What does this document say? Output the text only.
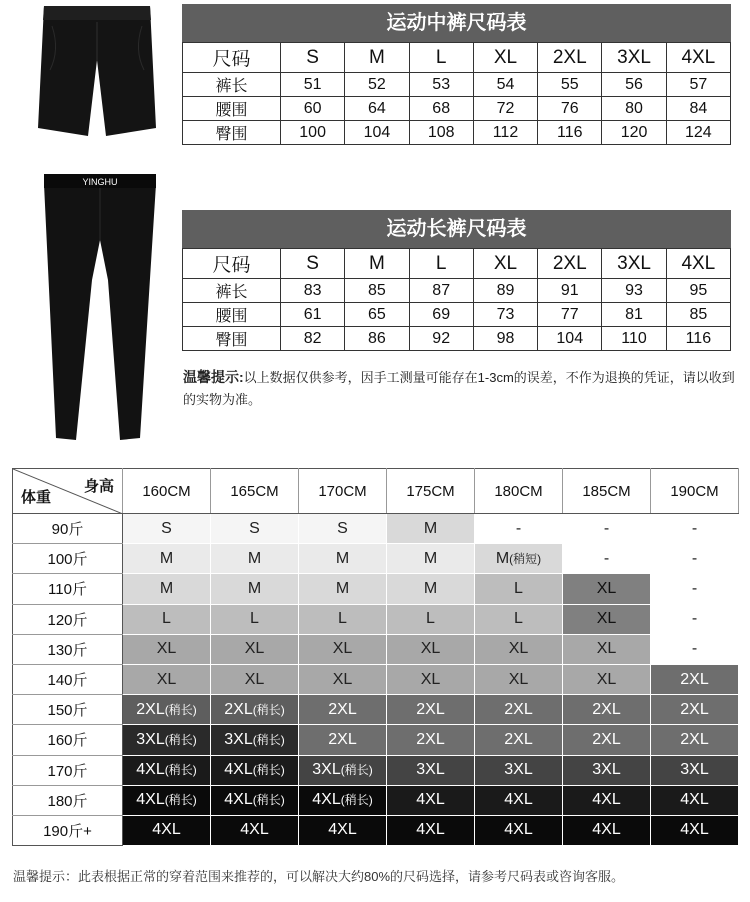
YINGHU
运动中裤尺码表
尺码	S	M	L	XL	2XL	3XL	4XL
裤长	51	52	53	54	55	56	57
腰围	60	64	68	72	76	80	84
臀围	100	104	108	112	116	120	124
运动长裤尺码表
尺码	S	M	L	XL	2XL	3XL	4XL
裤长	83	85	87	89	91	93	95
腰围	61	65	69	73	77	81	85
臀围	82	86	92	98	104	110	116
温馨提示:以上数据仅供参考，因手工测量可能存在1-3cm的误差，不作为退换的凭证，请以收到的实物为准。
身高
体重	160CM	165CM	170CM	175CM	180CM	185CM	190CM
90斤	S	S	S	M	-	-	-
100斤	M	M	M	M	M(稍短)	-	-
110斤	M	M	M	M	L	XL	-
120斤	L	L	L	L	L	XL	-
130斤	XL	XL	XL	XL	XL	XL	-
140斤	XL	XL	XL	XL	XL	XL	2XL
150斤	2XL(稍长)	2XL(稍长)	2XL	2XL	2XL	2XL	2XL
160斤	3XL(稍长)	3XL(稍长)	2XL	2XL	2XL	2XL	2XL
170斤	4XL(稍长)	4XL(稍长)	3XL(稍长)	3XL	3XL	3XL	3XL
180斤	4XL(稍长)	4XL(稍长)	4XL(稍长)	4XL	4XL	4XL	4XL
190斤+	4XL	4XL	4XL	4XL	4XL	4XL	4XL
温馨提示：此表根据正常的穿着范围来推荐的，可以解决大约80%的尺码选择，请参考尺码表或咨询客服。
